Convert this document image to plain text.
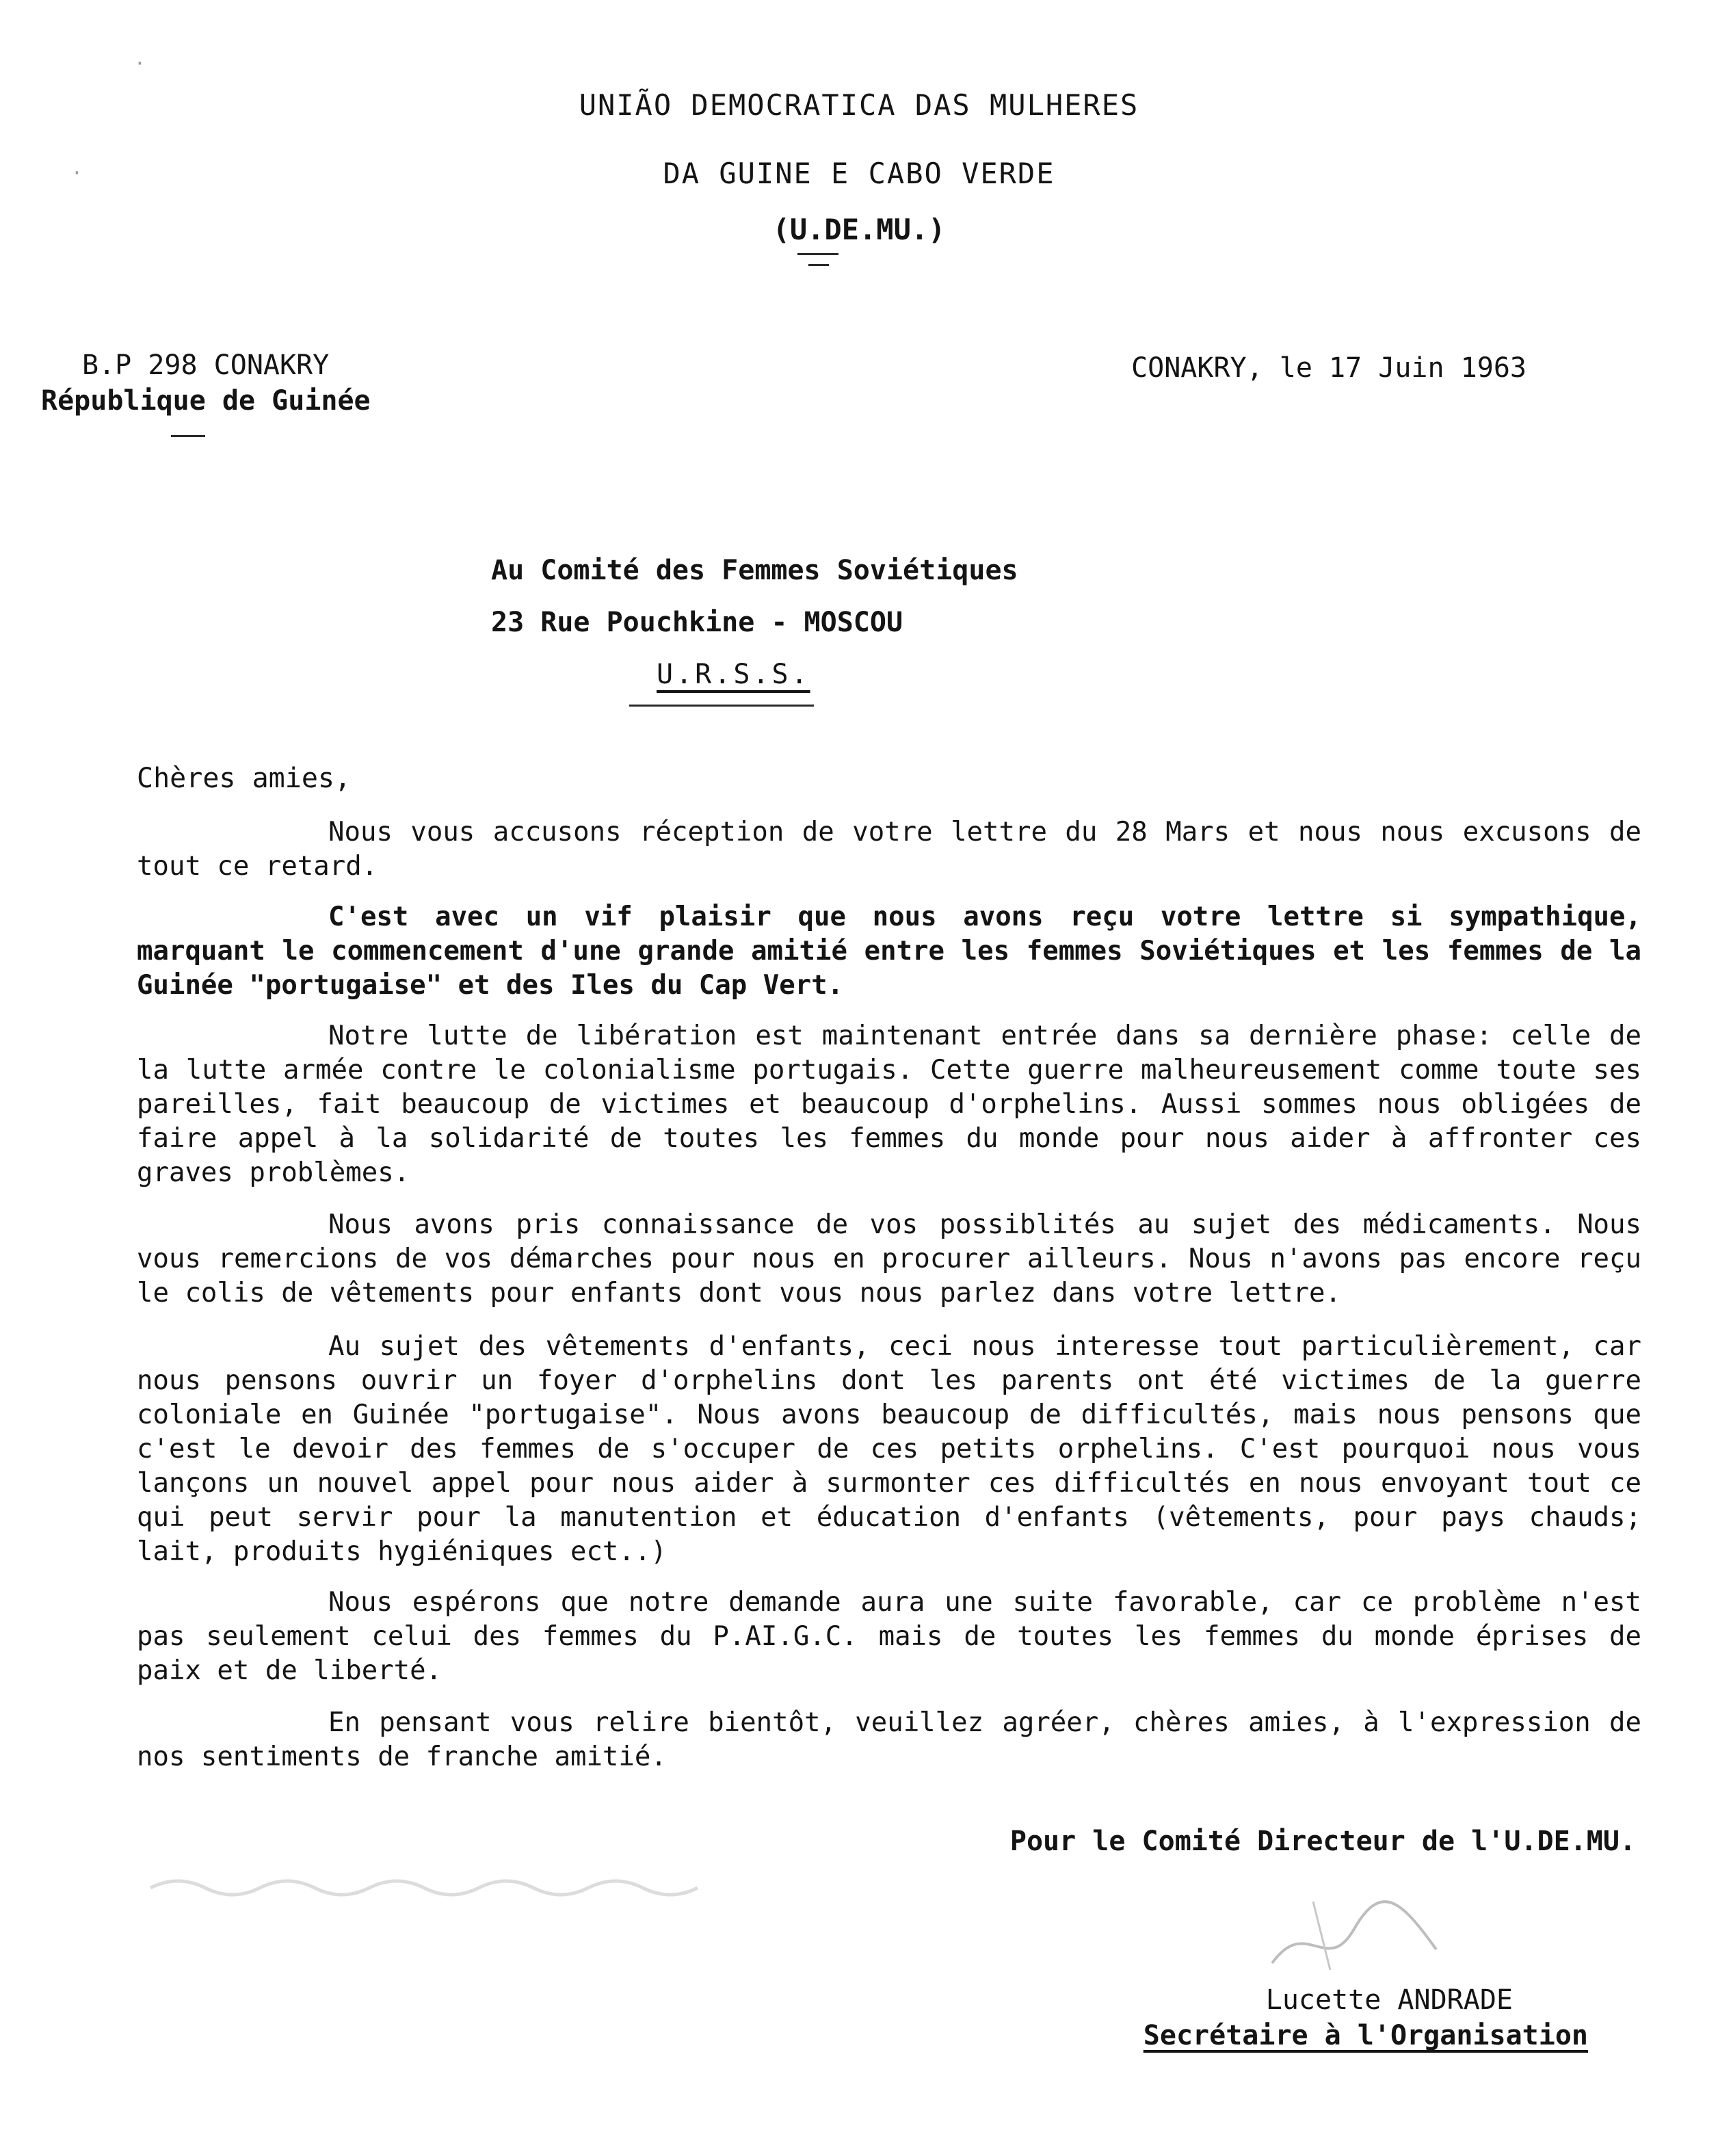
UNIÃO DEMOCRATICA DAS MULHERES
DA GUINE E CABO VERDE
(U.DE.MU.)
B.P 298 CONAKRY
République de Guinée
CONAKRY, le 17 Juin 1963
Au Comité des Femmes Soviétiques
23 Rue Pouchkine - MOSCOU
U.R.S.S.
Chères amies,
Nous vous accusons réception de votre lettre du 28 Mars et nous nous excusons de tout ce retard.
C'est avec un vif plaisir que nous avons reçu votre lettre si sympathique, marquant le commencement d'une grande amitié entre les femmes Soviétiques et les femmes de la Guinée "portugaise" et des Iles du Cap Vert.
Notre lutte de libération est maintenant entrée dans sa dernière phase: celle de la lutte armée contre le colonialisme portugais. Cette guerre malheureusement comme toute ses pareilles, fait beaucoup de victimes et beaucoup d'orphelins. Aussi sommes nous obligées de faire appel à la solidarité de toutes les femmes du monde pour nous aider à affronter ces graves problèmes.
Nous avons pris connaissance de vos possiblités au sujet des médicaments. Nous vous remercions de vos démarches pour nous en procurer ailleurs. Nous n'avons pas encore reçu le colis de vêtements pour enfants dont vous nous parlez dans votre lettre.
Au sujet des vêtements d'enfants, ceci nous interesse tout particulièrement, car nous pensons ouvrir un foyer d'orphelins dont les parents ont été victimes de la guerre coloniale en Guinée "portugaise". Nous avons beaucoup de difficultés, mais nous pensons que c'est le devoir des femmes de s'occuper de ces petits orphelins. C'est pourquoi nous vous lançons un nouvel appel pour nous aider à surmonter ces difficultés en nous envoyant tout ce qui peut servir pour la manutention et éducation d'enfants (vêtements, pour pays chauds; lait, produits hygiéniques ect..)
Nous espérons que notre demande aura une suite favorable, car ce problème n'est pas seulement celui des femmes du P.AI.G.C. mais de toutes les femmes du monde éprises de paix et de liberté.
En pensant vous relire bientôt, veuillez agréer, chères amies, à l'expression de nos sentiments de franche amitié.
Pour le Comité Directeur de l'U.DE.MU.
Lucette ANDRADE
Secrétaire à l'Organisation
·
·
